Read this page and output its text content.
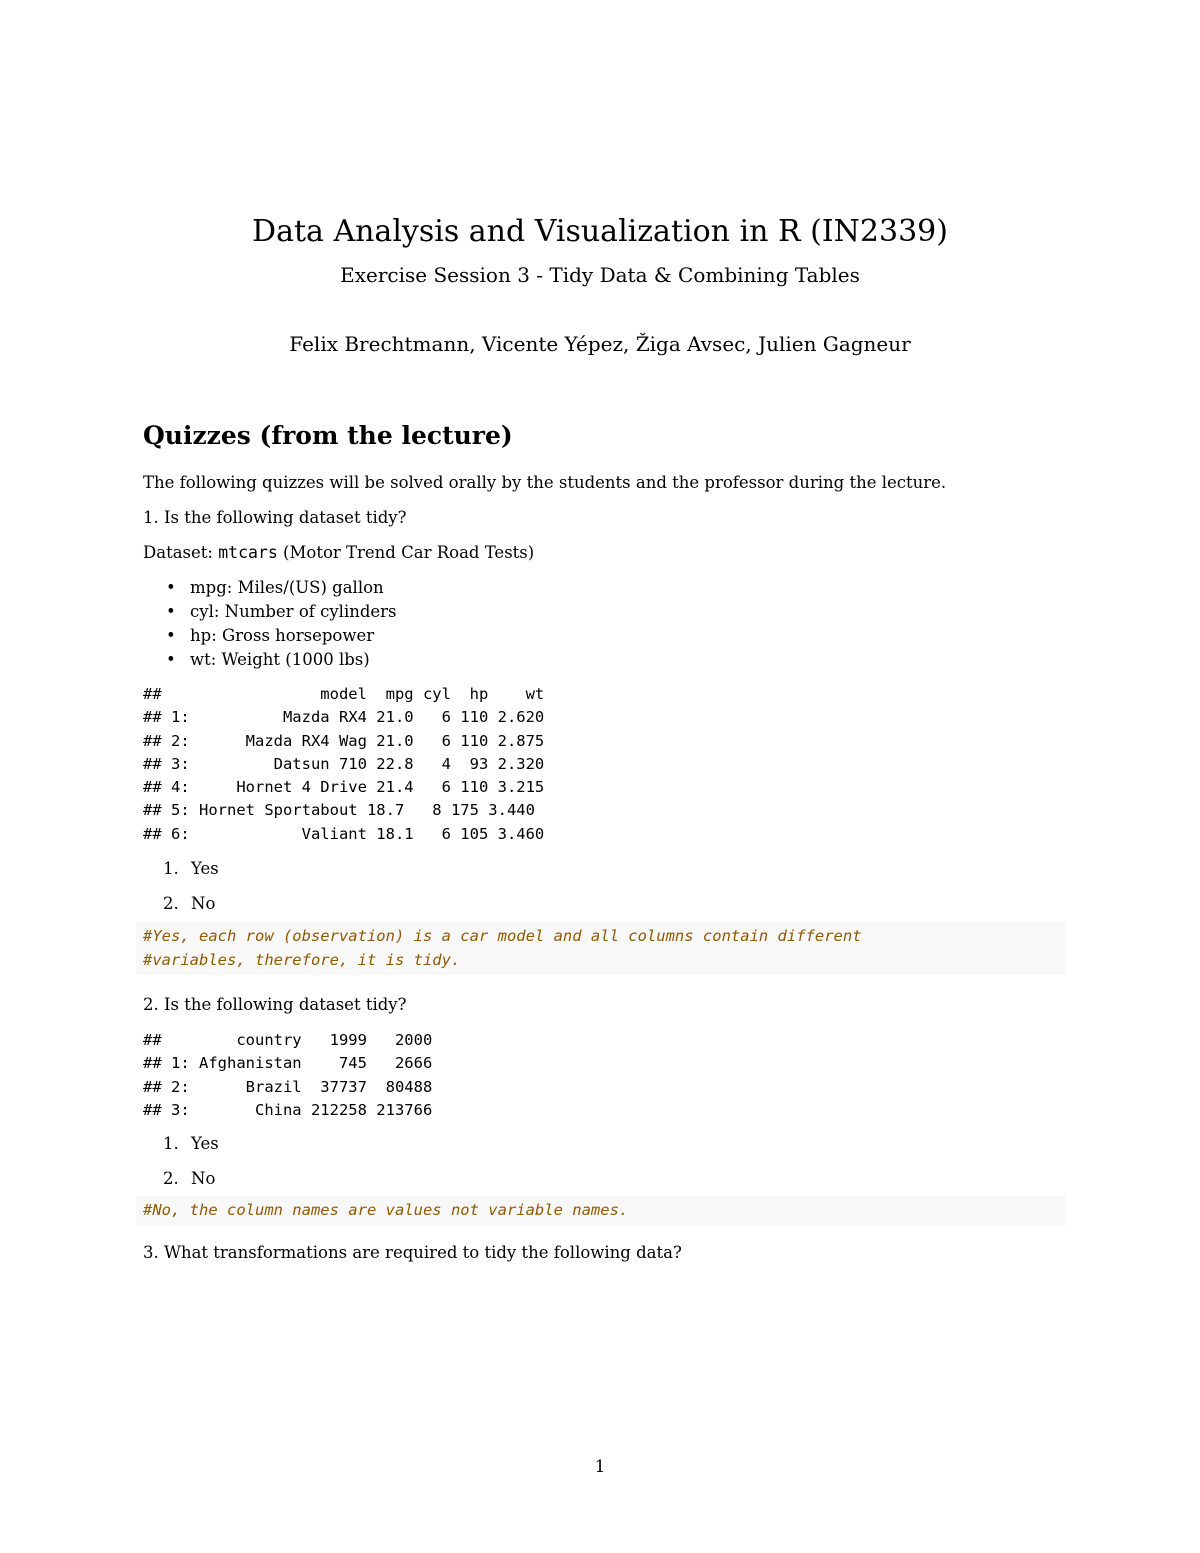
Data Analysis and Visualization in R (IN2339)

Exercise Session 3 - Tidy Data & Combining Tables

Felix Brechtmann, Vicente Yépez, Žiga Avsec, Julien Gagneur

Quizzes (from the lecture)

The following quizzes will be solved orally by the students and the professor during the lecture.

1. Is the following dataset tidy?

Dataset: mtcars (Motor Trend Car Road Tests)

• mpg: Miles/(US) gallon
• cyl: Number of cylinders
• hp: Gross horsepower
• wt: Weight (1000 lbs)
##                 model  mpg cyl  hp    wt
## 1:          Mazda RX4 21.0   6 110 2.620
## 2:      Mazda RX4 Wag 21.0   6 110 2.875
## 3:         Datsun 710 22.8   4  93 2.320
## 4:     Hornet 4 Drive 21.4   6 110 3.215
## 5: Hornet Sportabout 18.7   8 175 3.440
## 6:            Valiant 18.1   6 105 3.460
1. Yes
2. No
#Yes, each row (observation) is a car model and all columns contain different
#variables, therefore, it is tidy.

2. Is the following dataset tidy?

##        country   1999   2000
## 1: Afghanistan    745   2666
## 2:      Brazil  37737  80488
## 3:       China 212258 213766
1. Yes
2. No
#No, the column names are values not variable names.

3. What transformations are required to tidy the following data?

1
